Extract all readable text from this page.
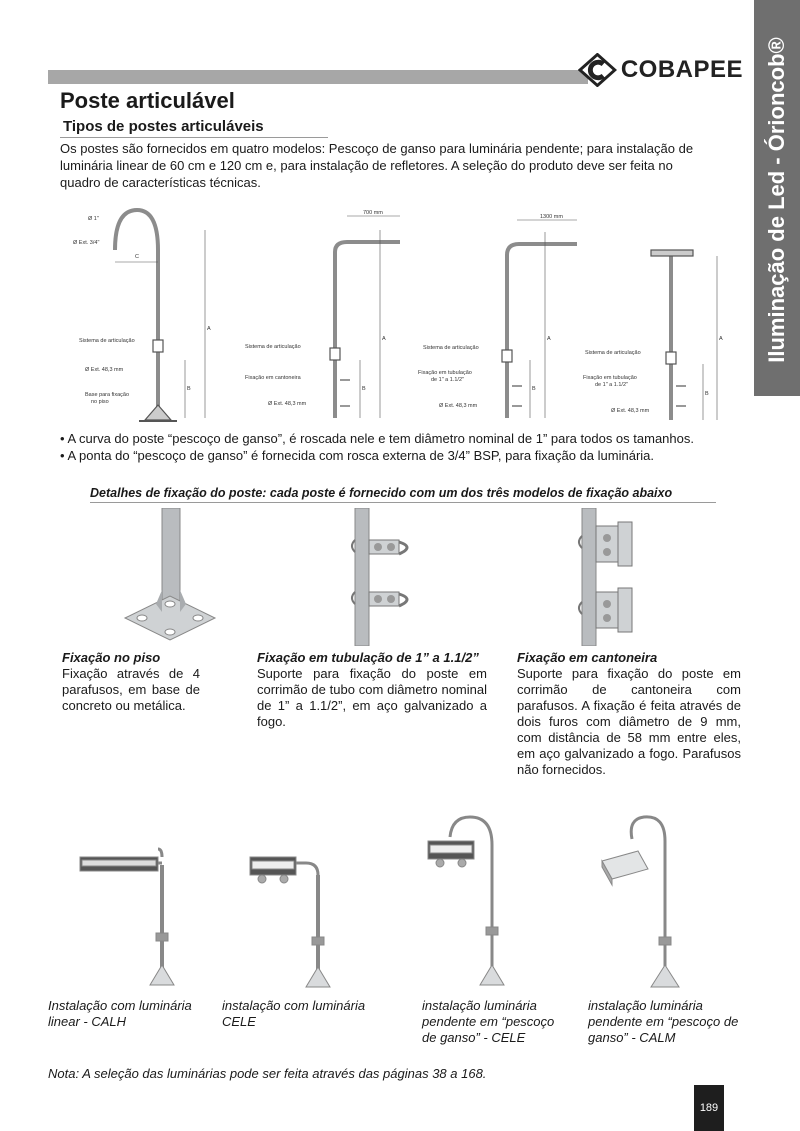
COBAPEE Iluminação de Led - Órioncob®
Poste articulável
Tipos de postes articuláveis
Os postes são fornecidos em quatro modelos: Pescoço de ganso para luminária pendente; para instalação de luminária linear de 60 cm e 120 cm e, para instalação de refletores. A seleção do produto deve ser feita no quadro de características técnicas.
Ø 1"
Ø Ext. 3/4"
C
A
B
Sistema de articulação
Ø Ext. 48,3 mm
Base para fixação
no piso
700 mm
A
B
Sistema de articulação
Fixação em cantoneira
Ø Ext. 48,3 mm
1300 mm
A
B
Sistema de articulação
Fixação em tubulação
de 1" a 1.1/2"
Ø Ext. 48,3 mm
A
B
Sistema de articulação
Fixação em tubulação
de 1" a 1.1/2"
Ø Ext. 48,3 mm
• A curva do poste “pescoço de ganso”, é roscada nele e tem diâmetro nominal de 1” para todos os tamanhos.
• A ponta do “pescoço de ganso” é fornecida com rosca externa de 3/4” BSP, para fixação da luminária.
Detalhes de fixação do poste: cada poste é fornecido com um dos três modelos de fixação abaixo
Fixação no piso
Fixação através de 4 parafusos, em base de concreto ou metálica.
Fixação em tubulação de 1” a 1.1/2”
Suporte para fixação do poste em corrimão de tubo com diâmetro nominal de 1” a 1.1/2”, em aço galvanizado a fogo.
Fixação em cantoneira
Suporte para fixação do poste em corrimão de cantoneira com parafusos. A fixação é feita através de dois furos com diâmetro de 9 mm, com distância de 58 mm entre eles, em aço galvanizado a fogo. Parafusos não fornecidos.
Instalação com luminária
linear - CALH
instalação com luminária
CELE
instalação luminária
pendente em “pescoço
de ganso” - CELE
instalação luminária
pendente em “pescoço de
ganso” - CALM
Nota: A seleção das luminárias pode ser feita através das páginas 38 a 168.
189
